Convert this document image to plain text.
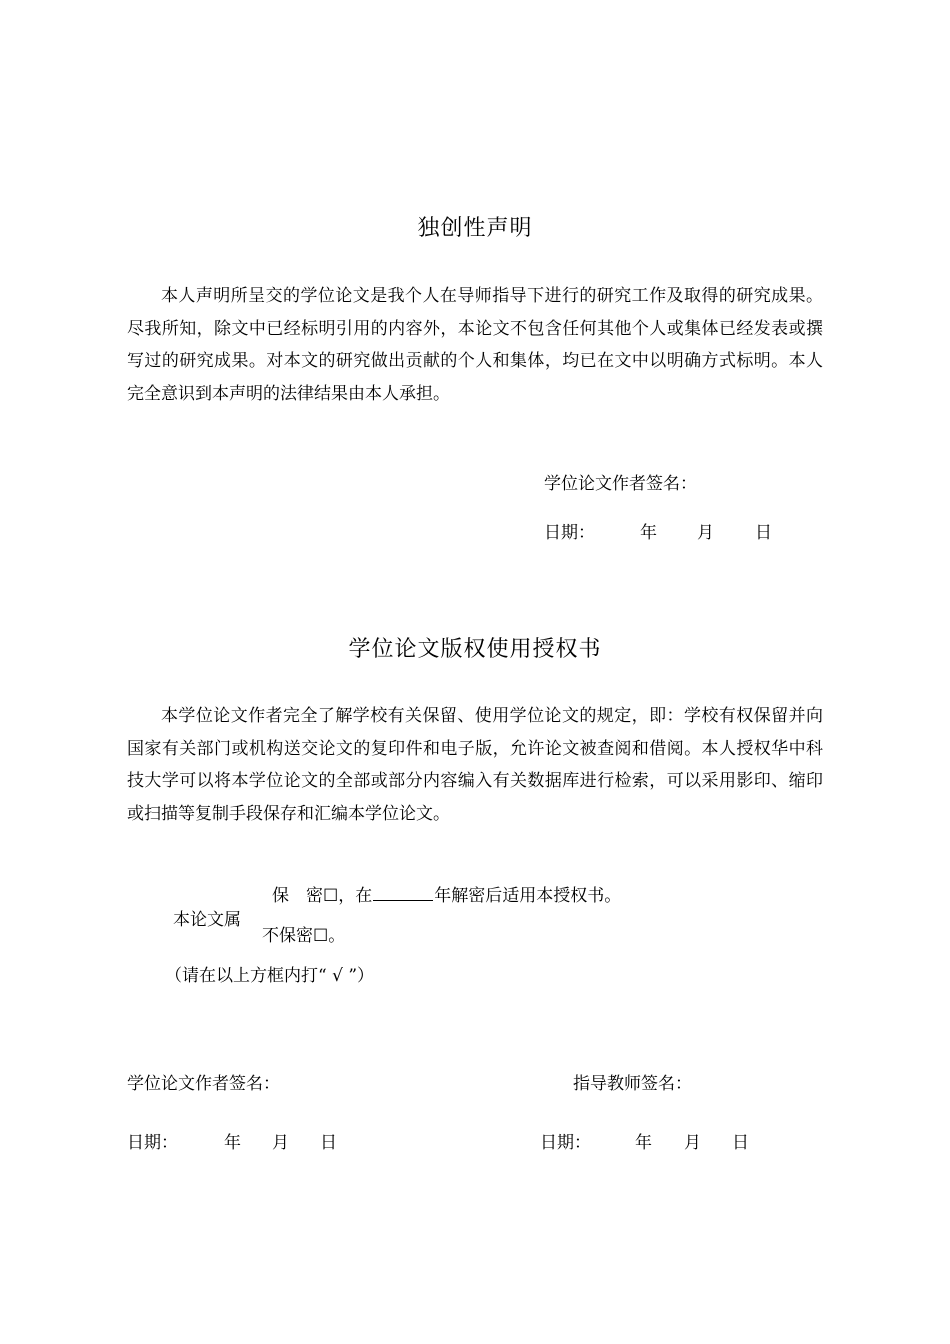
独创性声明
本人声明所呈交的学位论文是我个人在导师指导下进行的研究工作及取得的研究成果。尽我所知，除文中已经标明引用的内容外，本论文不包含任何其他个人或集体已经发表或撰写过的研究成果。对本文的研究做出贡献的个人和集体，均已在文中以明确方式标明。本人完全意识到本声明的法律结果由本人承担。
学位论文作者签名：
日期：	年 月 日
学位论文版权使用授权书
本学位论文作者完全了解学校有关保留、使用学位论文的规定，即：学校有权保留并向国家有关部门或机构送交论文的复印件和电子版，允许论文被查阅和借阅。本人授权华中科技大学可以将本学位论文的全部或部分内容编入有关数据库进行检索，可以采用影印、缩印或扫描等复制手段保存和汇编本学位论文。
保　密☐，在	年解密后适用本授权书。
本论文属
不保密☐。
（请在以上方框内打“ √ ”）
学位论文作者签名：	指导教师签名：
日期：	年 月 日	日期：	年 月 日
